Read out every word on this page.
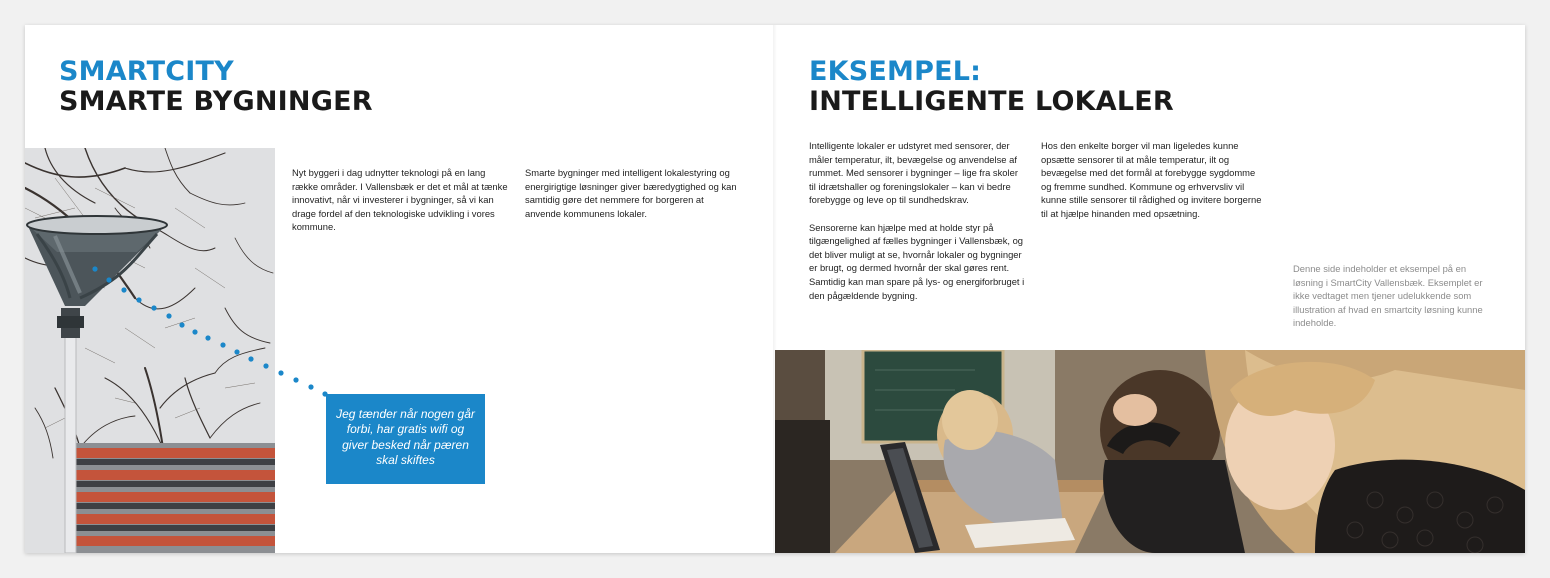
SMARTCITY
SMARTE BYGNINGER

Nyt byggeri i dag udnytter teknologi på en lang række områder. I Vallensbæk er det et mål at tænke innovativt, når vi investerer i bygninger, så vi kan drage fordel af den teknologiske udvikling i vores kommune.

Smarte bygninger med intelligent lokalestyring og energirigtige løsninger giver bæredygtighed og kan samtidig gøre det nemmere for borgeren at anvende kommunens lokaler.

Jeg tænder når nogen går forbi, har gratis wifi og giver besked når pæren skal skiftes
EKSEMPEL:
INTELLIGENTE LOKALER

Intelligente lokaler er udstyret med sensorer, der måler temperatur, ilt, bevægelse og anvendelse af rummet. Med sensorer i bygninger – lige fra skoler til idrætshaller og foreningslokaler – kan vi bedre forebygge og leve op til sundhedskrav.

Sensorerne kan hjælpe med at holde styr på tilgængelighed af fælles bygninger i Vallensbæk, og det bliver muligt at se, hvornår lokaler og bygninger er brugt, og dermed hvornår der skal gøres rent. Samtidig kan man spare på lys- og energiforbruget i den pågældende bygning.

Hos den enkelte borger vil man ligeledes kunne opsætte sensorer til at måle temperatur, ilt og bevægelse med det formål at forebygge sygdomme og fremme sundhed. Kommune og erhvervsliv vil kunne stille sensorer til rådighed og invitere borgerne til at hjælpe hinanden med opsætning.

Denne side indeholder et eksempel på en løsning i SmartCity Vallensbæk. Eksemplet er ikke vedtaget men tjener udelukkende som illustration af hvad en smartcity løsning kunne indeholde.
